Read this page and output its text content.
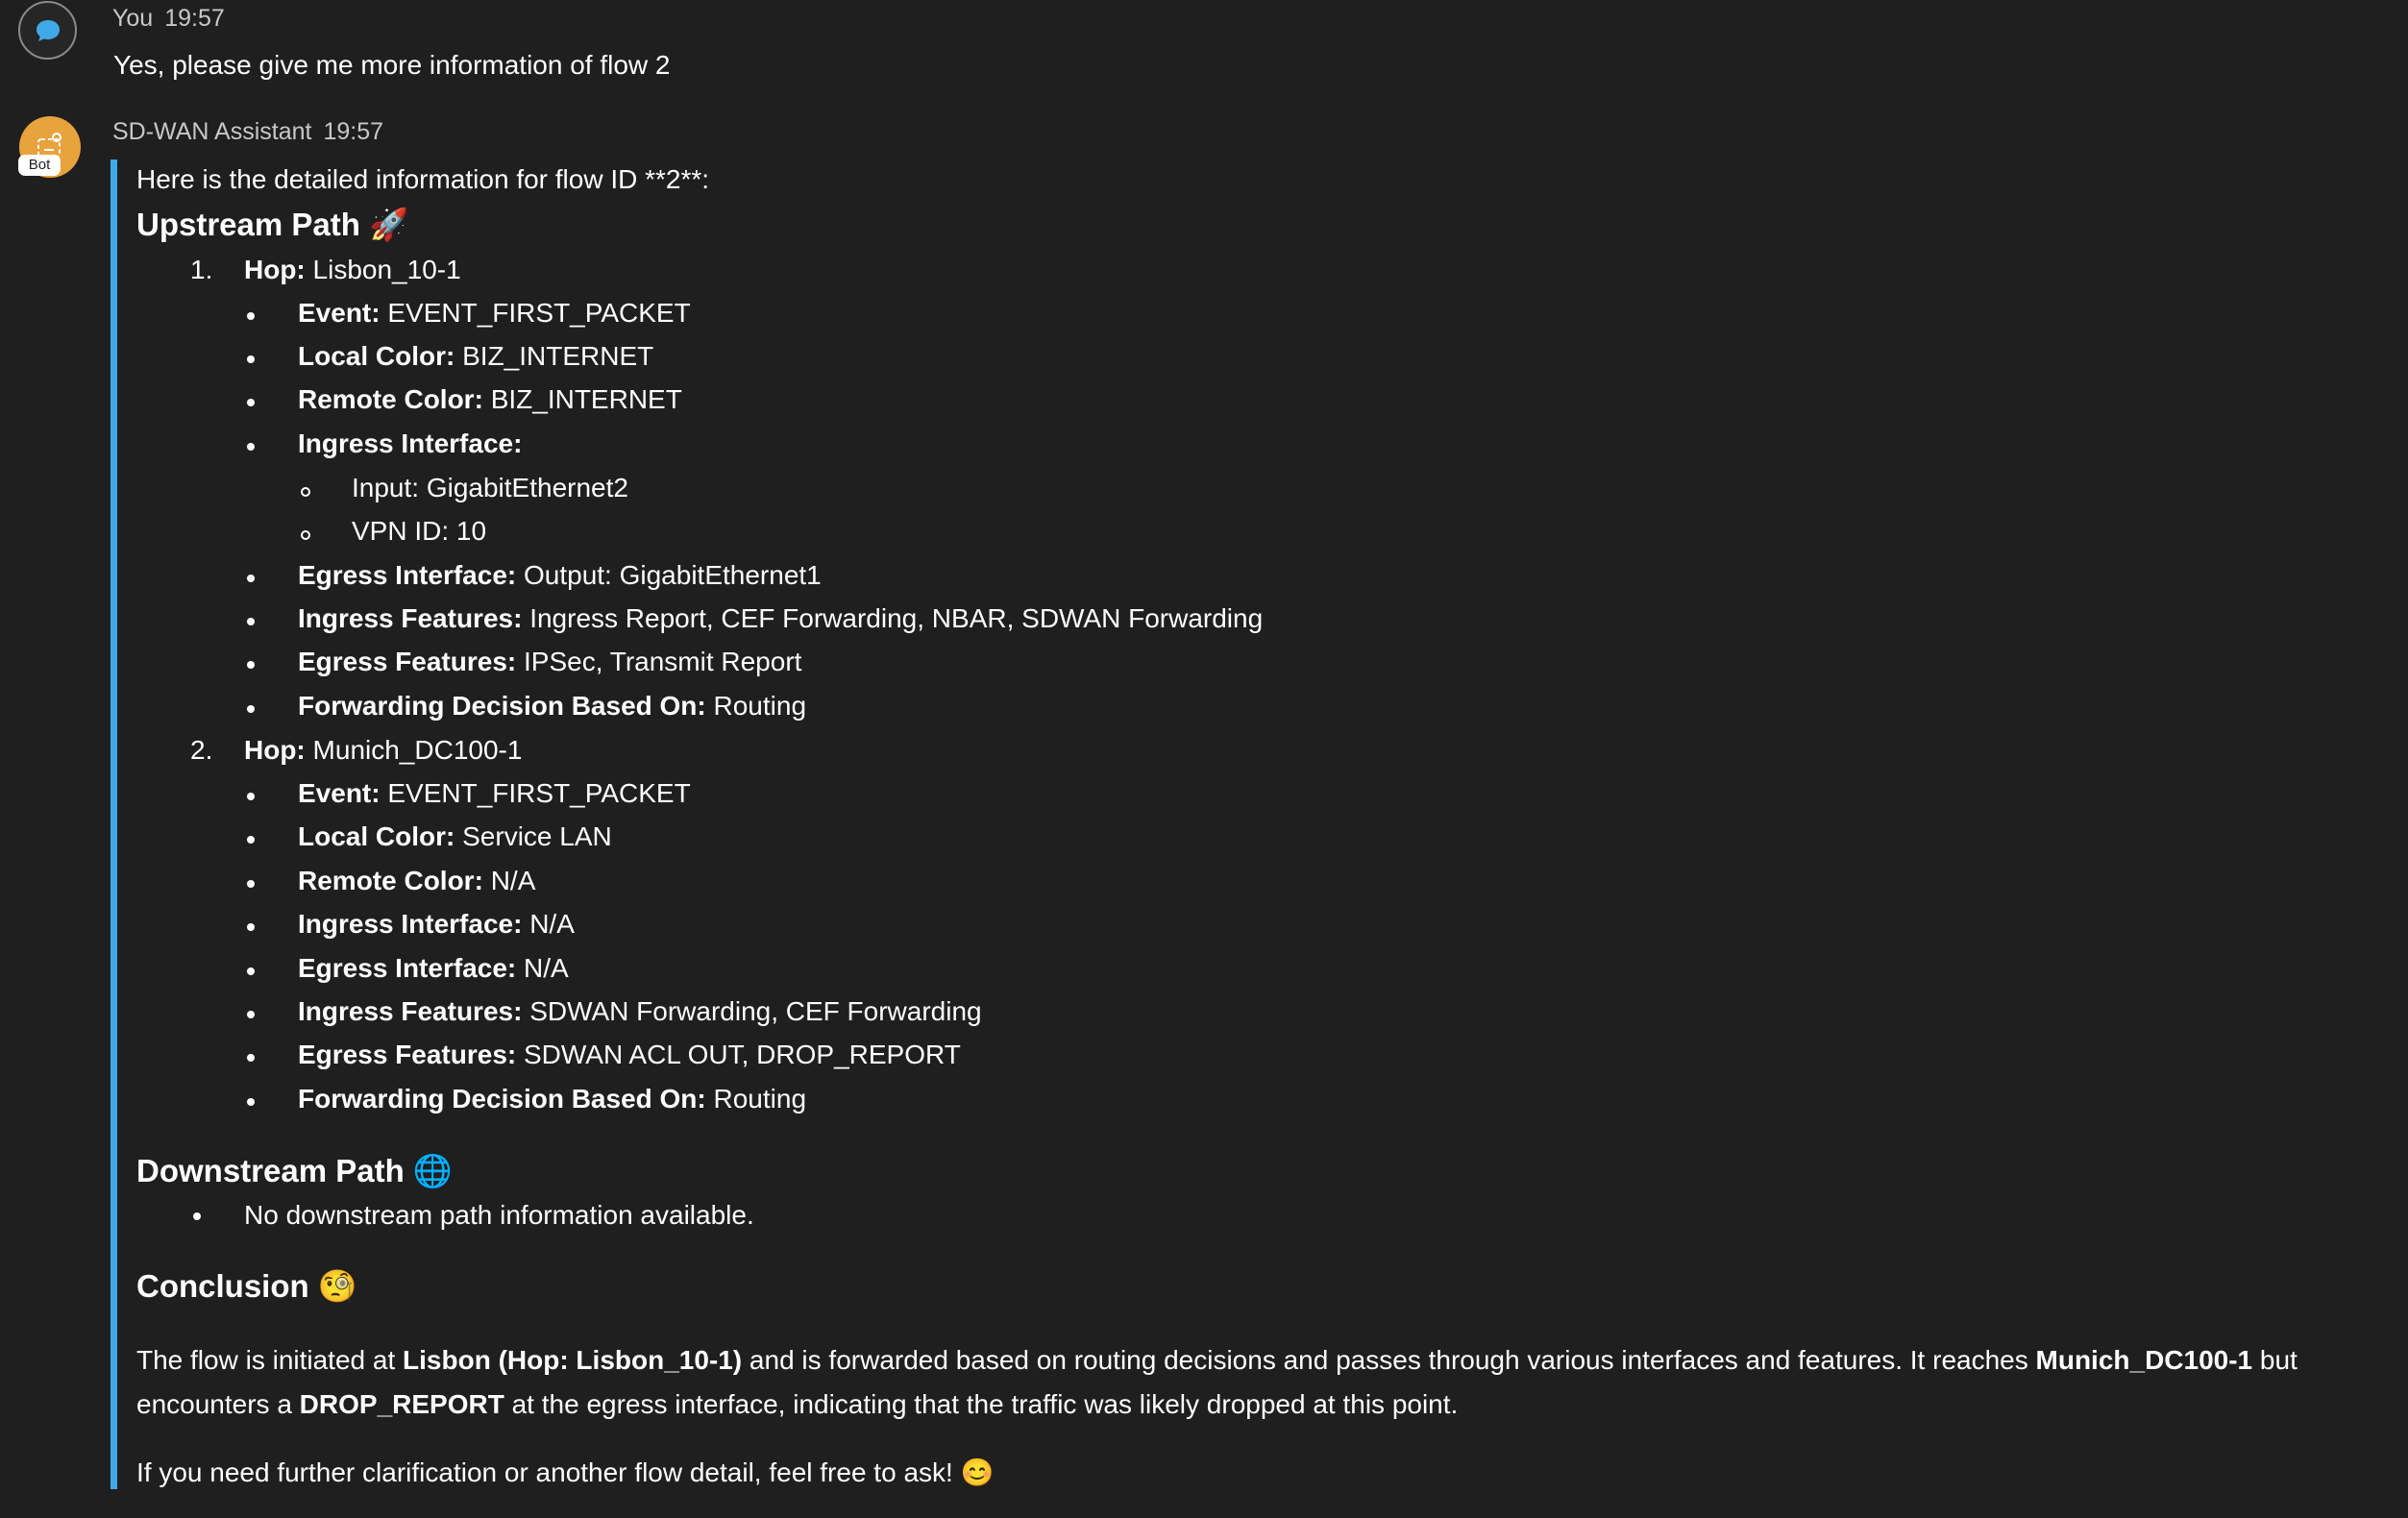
You 19:57
Yes, please give me more information of flow 2
Bot
SD-WAN Assistant 19:57
Here is the detailed information for flow ID **2**:
Upstream Path 🚀
1. Hop: Lisbon_10-1
Event: EVENT_FIRST_PACKET
Local Color: BIZ_INTERNET
Remote Color: BIZ_INTERNET
Ingress Interface:
Input: GigabitEthernet2
VPN ID: 10
Egress Interface: Output: GigabitEthernet1
Ingress Features: Ingress Report, CEF Forwarding, NBAR, SDWAN Forwarding
Egress Features: IPSec, Transmit Report
Forwarding Decision Based On: Routing
2. Hop: Munich_DC100-1
Event: EVENT_FIRST_PACKET
Local Color: Service LAN
Remote Color: N/A
Ingress Interface: N/A
Egress Interface: N/A
Ingress Features: SDWAN Forwarding, CEF Forwarding
Egress Features: SDWAN ACL OUT, DROP_REPORT
Forwarding Decision Based On: Routing
Downstream Path 🌐
No downstream path information available.
Conclusion 🧐
The flow is initiated at Lisbon (Hop: Lisbon_10-1) and is forwarded based on routing decisions and passes through various interfaces and features. It reaches Munich_DC100-1 but encounters a DROP_REPORT at the egress interface, indicating that the traffic was likely dropped at this point.
If you need further clarification or another flow detail, feel free to ask! 😊
